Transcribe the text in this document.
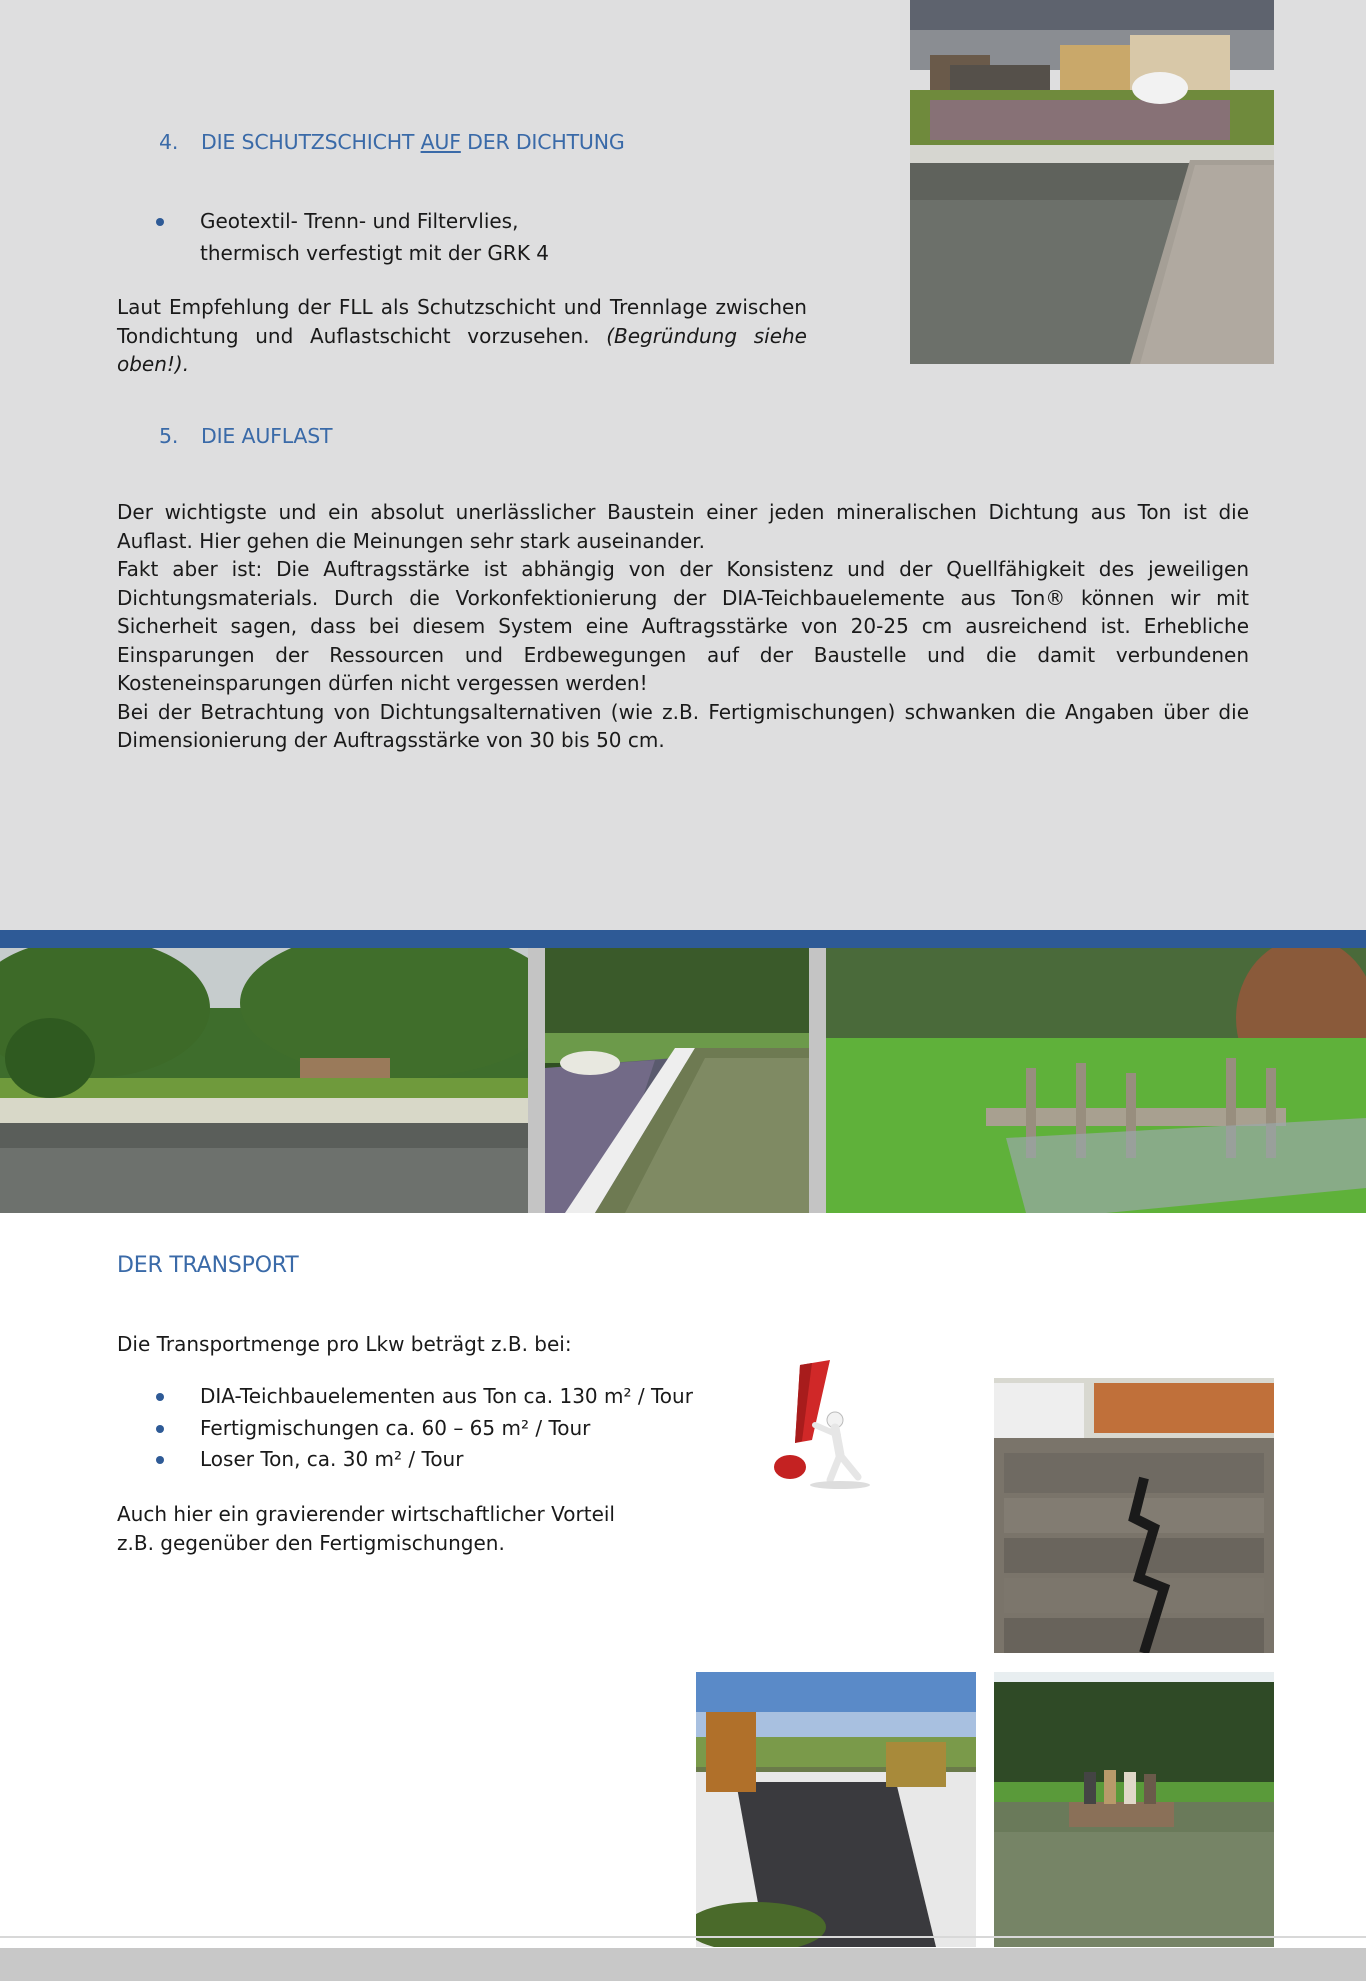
4. DIE SCHUTZSCHICHT AUF DER DICHTUNG
Geotextil- Trenn- und Filtervlies,
thermisch verfestigt mit der GRK 4

Laut Empfehlung der FLL als Schutzschicht und Trennlage zwischen Tondichtung und Auflastschicht vorzusehen. (Begründung siehe oben!).

5. DIE AUFLAST

Der wichtigste und ein absolut unerlässlicher Baustein einer jeden mineralischen Dichtung aus Ton ist die Auflast. Hier gehen die Meinungen sehr stark auseinander.

Fakt aber ist: Die Auftragsstärke ist abhängig von der Konsistenz und der Quellfähigkeit des jeweiligen Dichtungsmaterials. Durch die Vorkonfektionierung der DIA-Teichbauelemente aus Ton® können wir mit Sicherheit sagen, dass bei diesem System eine Auftragsstärke von 20-25 cm ausreichend ist. Erhebliche Einsparungen der Ressourcen und Erdbewegungen auf der Baustelle und die damit verbundenen Kosteneinsparungen dürfen nicht vergessen werden!

Bei der Betrachtung von Dichtungsalternativen (wie z.B. Fertigmischungen) schwanken die Angaben über die Dimensionierung der Auftragsstärke von 30 bis 50 cm.

DER TRANSPORT

Die Transportmenge pro Lkw beträgt z.B. bei:

DIA-Teichbauelementen aus Ton ca. 130 m² / Tour
Fertigmischungen ca. 60 – 65 m² / Tour
Loser Ton, ca. 30 m² / Tour

Auch hier ein gravierender wirtschaftlicher Vorteil
z.B. gegenüber den Fertigmischungen.
